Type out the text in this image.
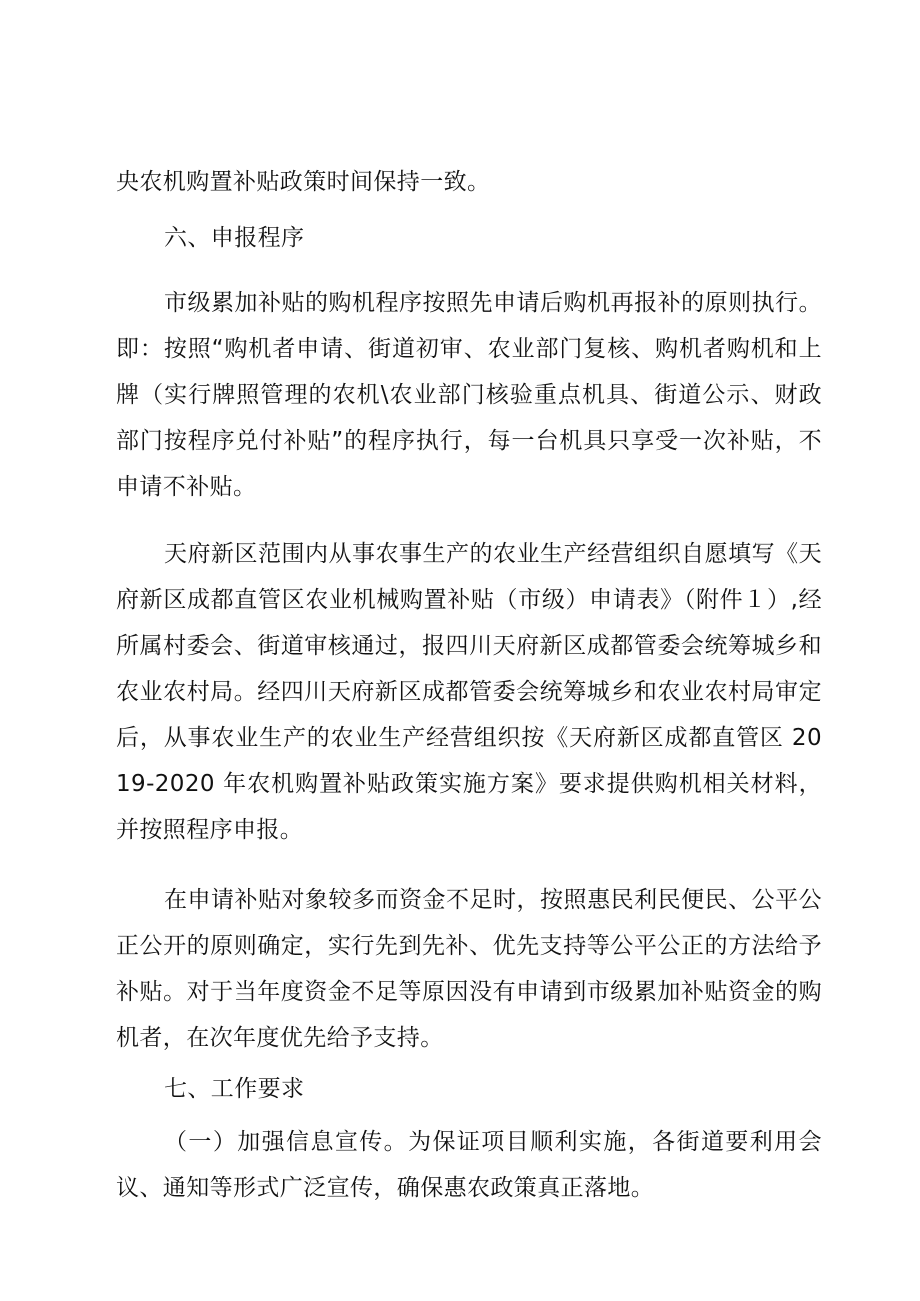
央农机购置补贴政策时间保持一致。

六、申报程序

市级累加补贴的购机程序按照先申请后购机再报补的原则执行。即：按照“购机者申请、街道初审、农业部门复核、购机者购机和上牌（实行牌照管理的农机\农业部门核验重点机具、街道公示、财政部门按程序兑付补贴”的程序执行，每一台机具只享受一次补贴，不申请不补贴。

天府新区范围内从事农事生产的农业生产经营组织自愿填写《天府新区成都直管区农业机械购置补贴（市级）申请表》（附件１）,经所属村委会、街道审核通过，报四川天府新区成都管委会统筹城乡和农业农村局。经四川天府新区成都管委会统筹城乡和农业农村局审定后，从事农业生产的农业生产经营组织按《天府新区成都直管区 2019-2020 年农机购置补贴政策实施方案》要求提供购机相关材料，并按照程序申报。

在申请补贴对象较多而资金不足时，按照惠民利民便民、公平公正公开的原则确定，实行先到先补、优先支持等公平公正的方法给予补贴。对于当年度资金不足等原因没有申请到市级累加补贴资金的购机者，在次年度优先给予支持。

七、工作要求

（一）加强信息宣传。为保证项目顺利实施，各街道要利用会议、通知等形式广泛宣传，确保惠农政策真正落地。
